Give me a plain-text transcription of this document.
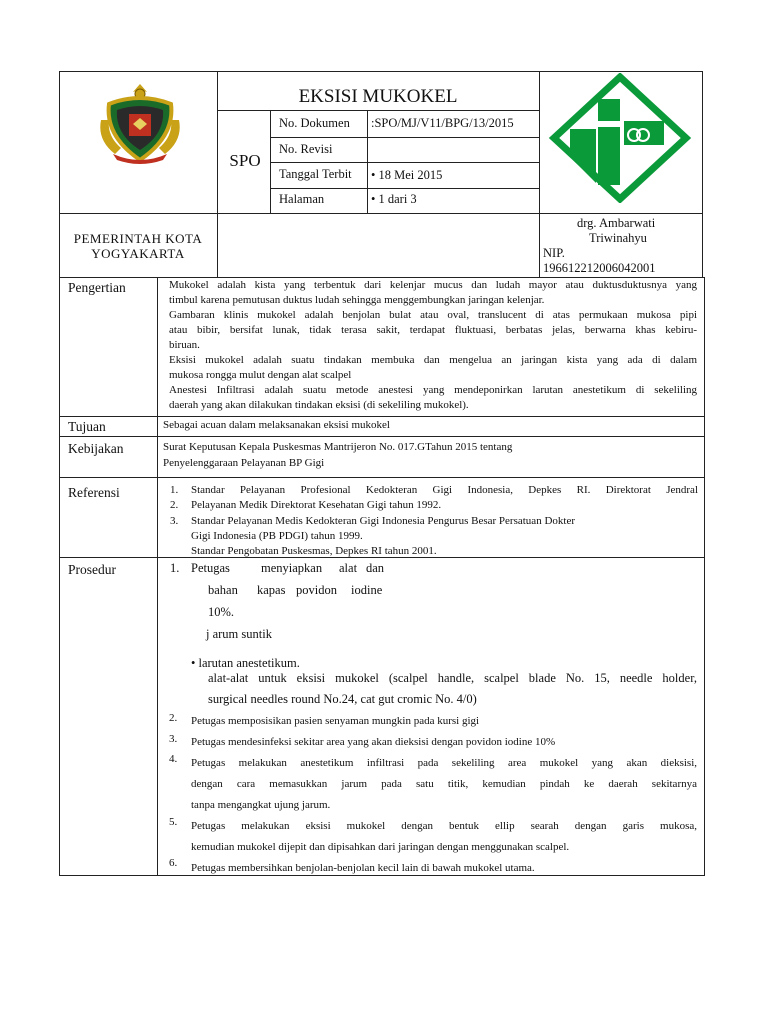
EKSISI MUKOKEL
SPO
No. Dokumen :SPO/MJ/V11/BPG/13/2015
No. Revisi
Tanggal Terbit • 18 Mei 2015
Halaman	• 1 dari 3
PEMERINTAH KOTA
YOGYAKARTA
drg. Ambarwati
Triwinahyu
NIP.
196612212006042001
Pengertian	Mukokel adalah kista yang terbentuk dari kelenjar mucus dan ludah mayor atau duktusduktusnya yang
timbul karena pemutusan duktus ludah sehingga menggembungkan jaringan kelenjar.
Gambaran klinis mukokel adalah benjolan bulat atau oval, translucent di atas permukaan mukosa pipi
atau bibir, bersifat lunak, tidak terasa sakit, terdapat fluktuasi, berbatas jelas, berwarna khas kebiru-
biruan.
Eksisi mukokel adalah suatu tindakan membuka dan mengelua an jaringan kista yang ada di dalam
mukosa rongga mulut dengan alat scalpel
Anestesi Infiltrasi adalah suatu metode anestesi yang mendeponirkan larutan anestetikum di sekeliling
daerah yang akan dilakukan tindakan eksisi (di sekeliling mukokel).
Tujuan	Sebagai acuan dalam melaksanakan eksisi mukokel
Kebijakan	Surat Keputusan Kepala Puskesmas Mantrijeron No. 017.GTahun 2015 tentang
Penyelenggaraan Pelayanan BP Gigi
Referensi	1. Standar Pelayanan Profesional Kedokteran Gigi Indonesia, Depkes RI. Direktorat Jendral
2. Pelayanan Medik Direktorat Kesehatan Gigi tahun 1992.
3. Standar Pelayanan Medis Kedokteran Gigi Indonesia Pengurus Besar Persatuan Dokter
Gigi Indonesia (PB PDGI) tahun 1999.
Standar Pengobatan Puskesmas, Depkes RI tahun 2001.
Prosedur	1. Petugas menyiapkan alat dan
bahan kapas povidon iodine
10%.
j arum suntik
• larutan anestetikum.
alat-alat untuk eksisi mukokel (scalpel handle, scalpel blade No. 15, needle holder,
surgical needles round No.24, cat gut cromic No. 4/0)
2. Petugas memposisikan pasien senyaman mungkin pada kursi gigi
3. Petugas mendesinfeksi sekitar area yang akan dieksisi dengan povidon iodine 10%
4. Petugas melakukan anestetikum infiltrasi pada sekeliling area mukokel yang akan dieksisi,
dengan cara memasukkan jarum pada satu titik, kemudian pindah ke daerah sekitarnya
tanpa mengangkat ujung jarum.
5. Petugas melakukan eksisi mukokel dengan bentuk ellip searah dengan garis mukosa,
kemudian mukokel dijepit dan dipisahkan dari jaringan dengan menggunakan scalpel.
6. Petugas membersihkan benjolan-benjolan kecil lain di bawah mukokel utama.
